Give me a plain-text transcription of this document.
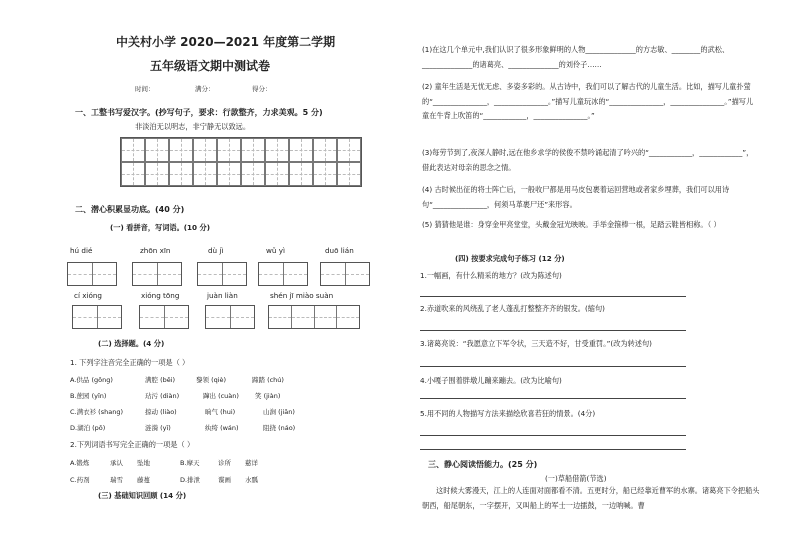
中关村小学 2020—2021 年度第二学期
五年级语文期中测试卷
时间：	满分：	得分：
一、工整书写爱汉字。(抄写句子，要求：行款整齐，力求美观。5 分)
非淡泊无以明志，非宁静无以致远。
二、潜心积累显功底。(40 分)
(一) 看拼音，写词语。(10 分)
hú dié	zhōn xīn	dù jì	wǔ yì	duō lián
cí xióng	xióng tōng	juàn liàn	shén jī miào suàn
(二) 选择题。(4 分)
1. 下列字注音完全正确的一项是（ ）
A.供品 (gōng)	满腔 (bēi)	黎领 (qiè)	蹄踏 (chú)
B.蔗园 (yīn)	玷污 (diàn)	蹿出 (cuàn) 笑 (jiàn)
C.满衣衫 (shang)	掠动 (liào)	晌气 (hui)	山涧 (jiān)
D.湖泊 (pō)	涟漪 (yī)	纨绔 (wán)	阻挠 (náo)
2.下列词语书写完全正确的一项是（ ）
A.锻炼	承认 坠地	B.摩天	诊所 慈详
C.药剂	瑞雪 藤蔓	D.排泄	谍画 水瓢
(三) 基础知识回顾 (14 分)
(1)在这几个单元中,我们认识了很多形象鲜明的人物______________的方志敏、________的武松、______________的诸葛亮、______________的刘伶子……
(2) 童年生活是无忧无虑、多姿多彩的。从古诗中，我们可以了解古代的儿童生活。比如，描写儿童扑萤的“_______________，_______________。”描写儿童玩冰的“_______________，_______________。”描写儿童在牛背上吹笛的“____________，_______________。”
(3)每劳节到了,夜深人静时,远在他乡求学的侯俊不禁吟诵起清了吟兴的“____________，____________”，借此表达对母亲的思念之情。
(4) 古时候出征的将士阵亡后，一般收尸都是用马皮包裹着运回营地或者家乡埋葬，我们可以用诗句“_______________，何须马革裹尸还”来形容。
(5) 猜猜他是谁：身穿金甲亮堂堂，头戴金冠光映映。手举金箍棒一根，足踏云鞋皆相称。（ ）
(四) 按要求完成句子练习 (12 分)
1.一幅画，有什么精采的地方？(改为陈述句)
2.赤道吹来的风绕乱了老人蓬乱打整整齐齐的银发。(缩句)
3.诸葛亮说：“我愿意立下军令状，三天造不好，甘受重罚。”(改为转述句)
4.小嘎子围着胖墩儿蹦来蹦去。(改为比喻句)
5.用不同的人物描写方法来描绘欣喜若狂的情景。(4分)
三、静心阅读悟能力。(25 分)
(一)草船借箭(节选)
这时候大雾漫天，江上的人连面对面都看不清。五更时分，船已经靠近曹军的水寨。诸葛亮下令把船头朝西，船尾朝东，一字摆开，又叫船上的军士一边擂鼓，一边呐喊。曹
